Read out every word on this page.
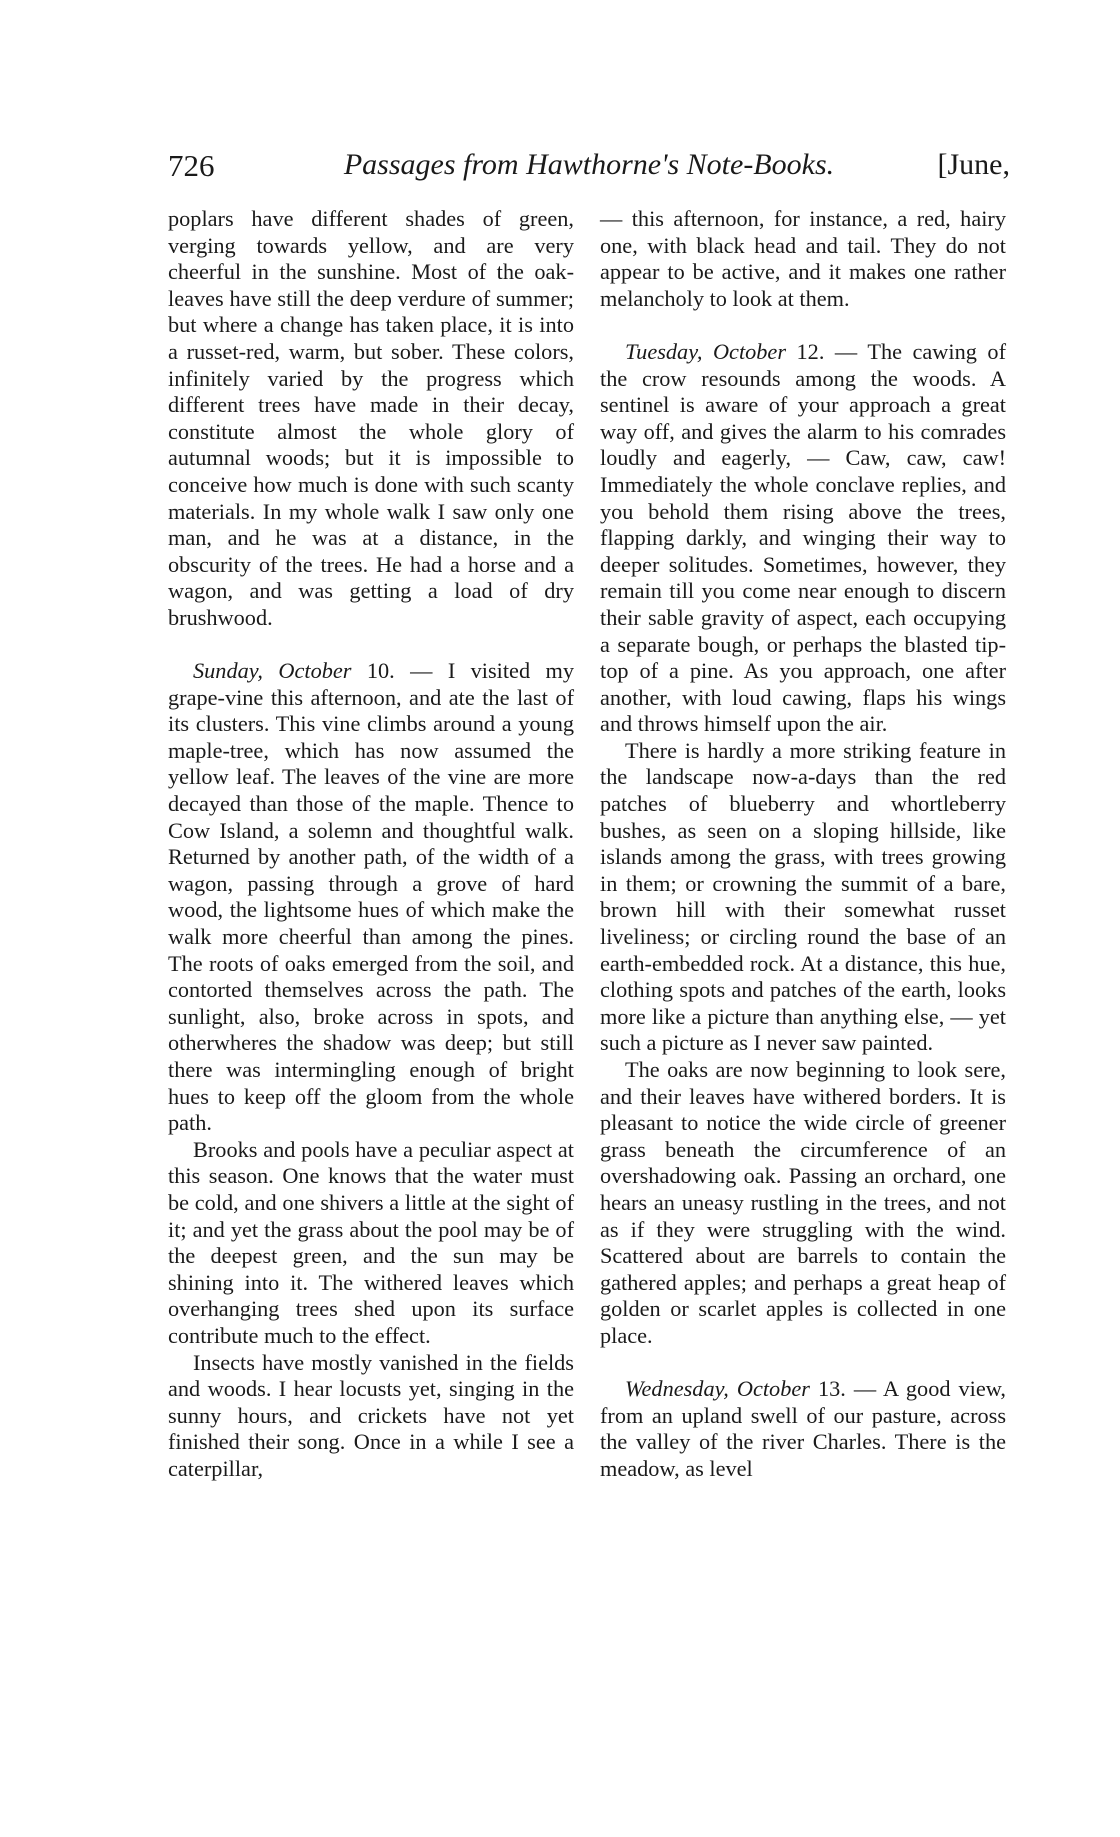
726	Passages from Hawthorne's Note-Books.	[June,

poplars have different shades of green, verging towards yellow, and are very cheerful in the sunshine. Most of the oak-leaves have still the deep verdure of summer; but where a change has taken place, it is into a russet-red, warm, but sober. These colors, infinitely varied by the progress which different trees have made in their decay, constitute almost the whole glory of autumnal woods; but it is impossible to conceive how much is done with such scanty materials. In my whole walk I saw only one man, and he was at a distance, in the obscurity of the trees. He had a horse and a wagon, and was getting a load of dry brushwood.

Sunday, October 10. — I visited my grape-vine this afternoon, and ate the last of its clusters. This vine climbs around a young maple-tree, which has now assumed the yellow leaf. The leaves of the vine are more decayed than those of the maple. Thence to Cow Island, a solemn and thoughtful walk. Returned by another path, of the width of a wagon, passing through a grove of hard wood, the lightsome hues of which make the walk more cheerful than among the pines. The roots of oaks emerged from the soil, and contorted themselves across the path. The sunlight, also, broke across in spots, and otherwheres the shadow was deep; but still there was intermingling enough of bright hues to keep off the gloom from the whole path.

Brooks and pools have a peculiar aspect at this season. One knows that the water must be cold, and one shivers a little at the sight of it; and yet the grass about the pool may be of the deepest green, and the sun may be shining into it. The withered leaves which overhanging trees shed upon its surface contribute much to the effect.

Insects have mostly vanished in the fields and woods. I hear locusts yet, singing in the sunny hours, and crickets have not yet finished their song. Once in a while I see a caterpillar,

— this afternoon, for instance, a red, hairy one, with black head and tail. They do not appear to be active, and it makes one rather melancholy to look at them.

Tuesday, October 12. — The cawing of the crow resounds among the woods. A sentinel is aware of your approach a great way off, and gives the alarm to his comrades loudly and eagerly, — Caw, caw, caw! Immediately the whole conclave replies, and you behold them rising above the trees, flapping darkly, and winging their way to deeper solitudes. Sometimes, however, they remain till you come near enough to discern their sable gravity of aspect, each occupying a separate bough, or perhaps the blasted tip-top of a pine. As you approach, one after another, with loud cawing, flaps his wings and throws himself upon the air.

There is hardly a more striking feature in the landscape now-a-days than the red patches of blueberry and whortleberry bushes, as seen on a sloping hillside, like islands among the grass, with trees growing in them; or crowning the summit of a bare, brown hill with their somewhat russet liveliness; or circling round the base of an earth-embedded rock. At a distance, this hue, clothing spots and patches of the earth, looks more like a picture than anything else, — yet such a picture as I never saw painted.

The oaks are now beginning to look sere, and their leaves have withered borders. It is pleasant to notice the wide circle of greener grass beneath the circumference of an overshadowing oak. Passing an orchard, one hears an uneasy rustling in the trees, and not as if they were struggling with the wind. Scattered about are barrels to contain the gathered apples; and perhaps a great heap of golden or scarlet apples is collected in one place.

Wednesday, October 13. — A good view, from an upland swell of our pasture, across the valley of the river Charles. There is the meadow, as level
